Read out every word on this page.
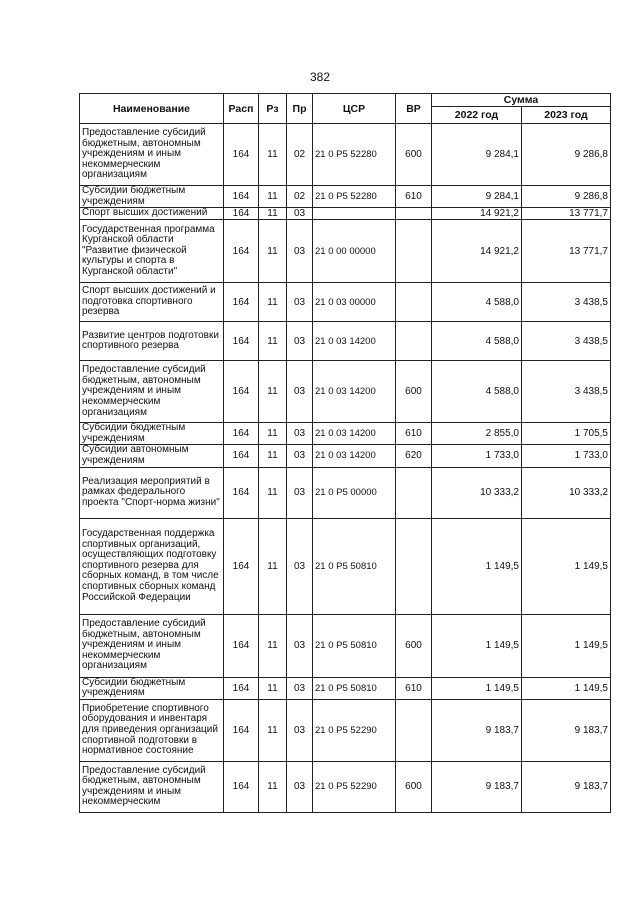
382
Наименование	Расп	Рз	Пр	ЦСР	ВР	Сумма	
						2022 год	2023 год
Предоставление субсидий бюджетным, автономным учреждениям и иным некоммерческим организациям	164	11	02	21 0 P5 52280	600	9 284,1	9 286,8
Субсидии бюджетным учреждениям	164	11	02	21 0 P5 52280	610	9 284,1	9 286,8
Спорт высших достижений	164	11	03			14 921,2	13 771,7
Государственная программа Курганской области "Развитие физической культуры и спорта в Курганской области"	164	11	03	21 0 00 00000		14 921,2	13 771,7
Спорт высших достижений и подготовка спортивного резерва	164	11	03	21 0 03 00000		4 588,0	3 438,5
Развитие центров подготовки спортивного резерва	164	11	03	21 0 03 14200		4 588,0	3 438,5
Предоставление субсидий бюджетным, автономным учреждениям и иным некоммерческим организациям	164	11	03	21 0 03 14200	600	4 588,0	3 438,5
Субсидии бюджетным учреждениям	164	11	03	21 0 03 14200	610	2 855,0	1 705,5
Субсидии автономным учреждениям	164	11	03	21 0 03 14200	620	1 733,0	1 733,0
Реализация мероприятий в рамках федерального проекта "Спорт-норма жизни"	164	11	03	21 0 P5 00000		10 333,2	10 333,2
Государственная поддержка спортивных организаций, осуществляющих подготовку спортивного резерва для сборных команд, в том числе спортивных сборных команд Российской Федерации	164	11	03	21 0 P5 50810		1 149,5	1 149,5
Предоставление субсидий бюджетным, автономным учреждениям и иным некоммерческим организациям	164	11	03	21 0 P5 50810	600	1 149,5	1 149,5
Субсидии бюджетным учреждениям	164	11	03	21 0 P5 50810	610	1 149,5	1 149,5
Приобретение спортивного оборудования и инвентаря для приведения организаций спортивной подготовки в нормативное состояние	164	11	03	21 0 P5 52290		9 183,7	9 183,7
Предоставление субсидий бюджетным, автономным учреждениям и иным некоммерческим	164	11	03	21 0 P5 52290	600	9 183,7	9 183,7
